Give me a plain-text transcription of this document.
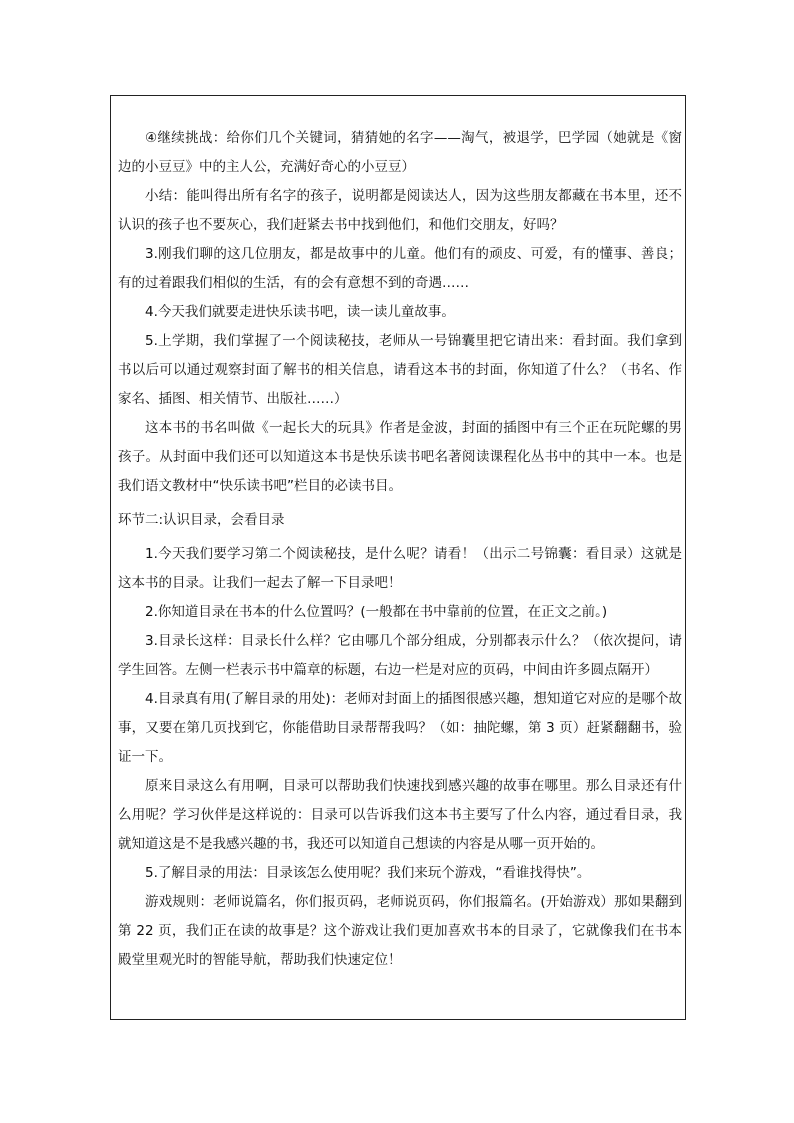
④继续挑战：给你们几个关键词，猜猜她的名字——淘气，被退学，巴学园（她就是《窗边的小豆豆》中的主人公，充满好奇心的小豆豆）

小结：能叫得出所有名字的孩子，说明都是阅读达人，因为这些朋友都藏在书本里，还不认识的孩子也不要灰心，我们赶紧去书中找到他们，和他们交朋友，好吗？

3.刚我们聊的这几位朋友，都是故事中的儿童。他们有的顽皮、可爱，有的懂事、善良；有的过着跟我们相似的生活，有的会有意想不到的奇遇……

4.今天我们就要走进快乐读书吧，读一读儿童故事。

5.上学期，我们掌握了一个阅读秘技，老师从一号锦囊里把它请出来：看封面。我们拿到书以后可以通过观察封面了解书的相关信息，请看这本书的封面，你知道了什么？（书名、作家名、插图、相关情节、出版社……）

这本书的书名叫做《一起长大的玩具》作者是金波，封面的插图中有三个正在玩陀螺的男孩子。从封面中我们还可以知道这本书是快乐读书吧名著阅读课程化丛书中的其中一本。也是我们语文教材中“快乐读书吧”栏目的必读书目。

环节二:认识目录，会看目录

1.今天我们要学习第二个阅读秘技，是什么呢？请看！（出示二号锦囊：看目录）这就是这本书的目录。让我们一起去了解一下目录吧！

2.你知道目录在书本的什么位置吗？(一般都在书中靠前的位置，在正文之前。)

3.目录长这样：目录长什么样？它由哪几个部分组成，分别都表示什么？（依次提问，请学生回答。左侧一栏表示书中篇章的标题，右边一栏是对应的页码，中间由许多圆点隔开）

4.目录真有用(了解目录的用处)：老师对封面上的插图很感兴趣，想知道它对应的是哪个故事，又要在第几页找到它，你能借助目录帮帮我吗？（如：抽陀螺，第 3 页）赶紧翻翻书，验证一下。

原来目录这么有用啊，目录可以帮助我们快速找到感兴趣的故事在哪里。那么目录还有什么用呢？学习伙伴是这样说的：目录可以告诉我们这本书主要写了什么内容，通过看目录，我就知道这是不是我感兴趣的书，我还可以知道自己想读的内容是从哪一页开始的。

5.了解目录的用法：目录该怎么使用呢？我们来玩个游戏，“看谁找得快”。

游戏规则：老师说篇名，你们报页码，老师说页码，你们报篇名。(开始游戏）那如果翻到第 22 页，我们正在读的故事是？这个游戏让我们更加喜欢书本的目录了，它就像我们在书本殿堂里观光时的智能导航，帮助我们快速定位！
